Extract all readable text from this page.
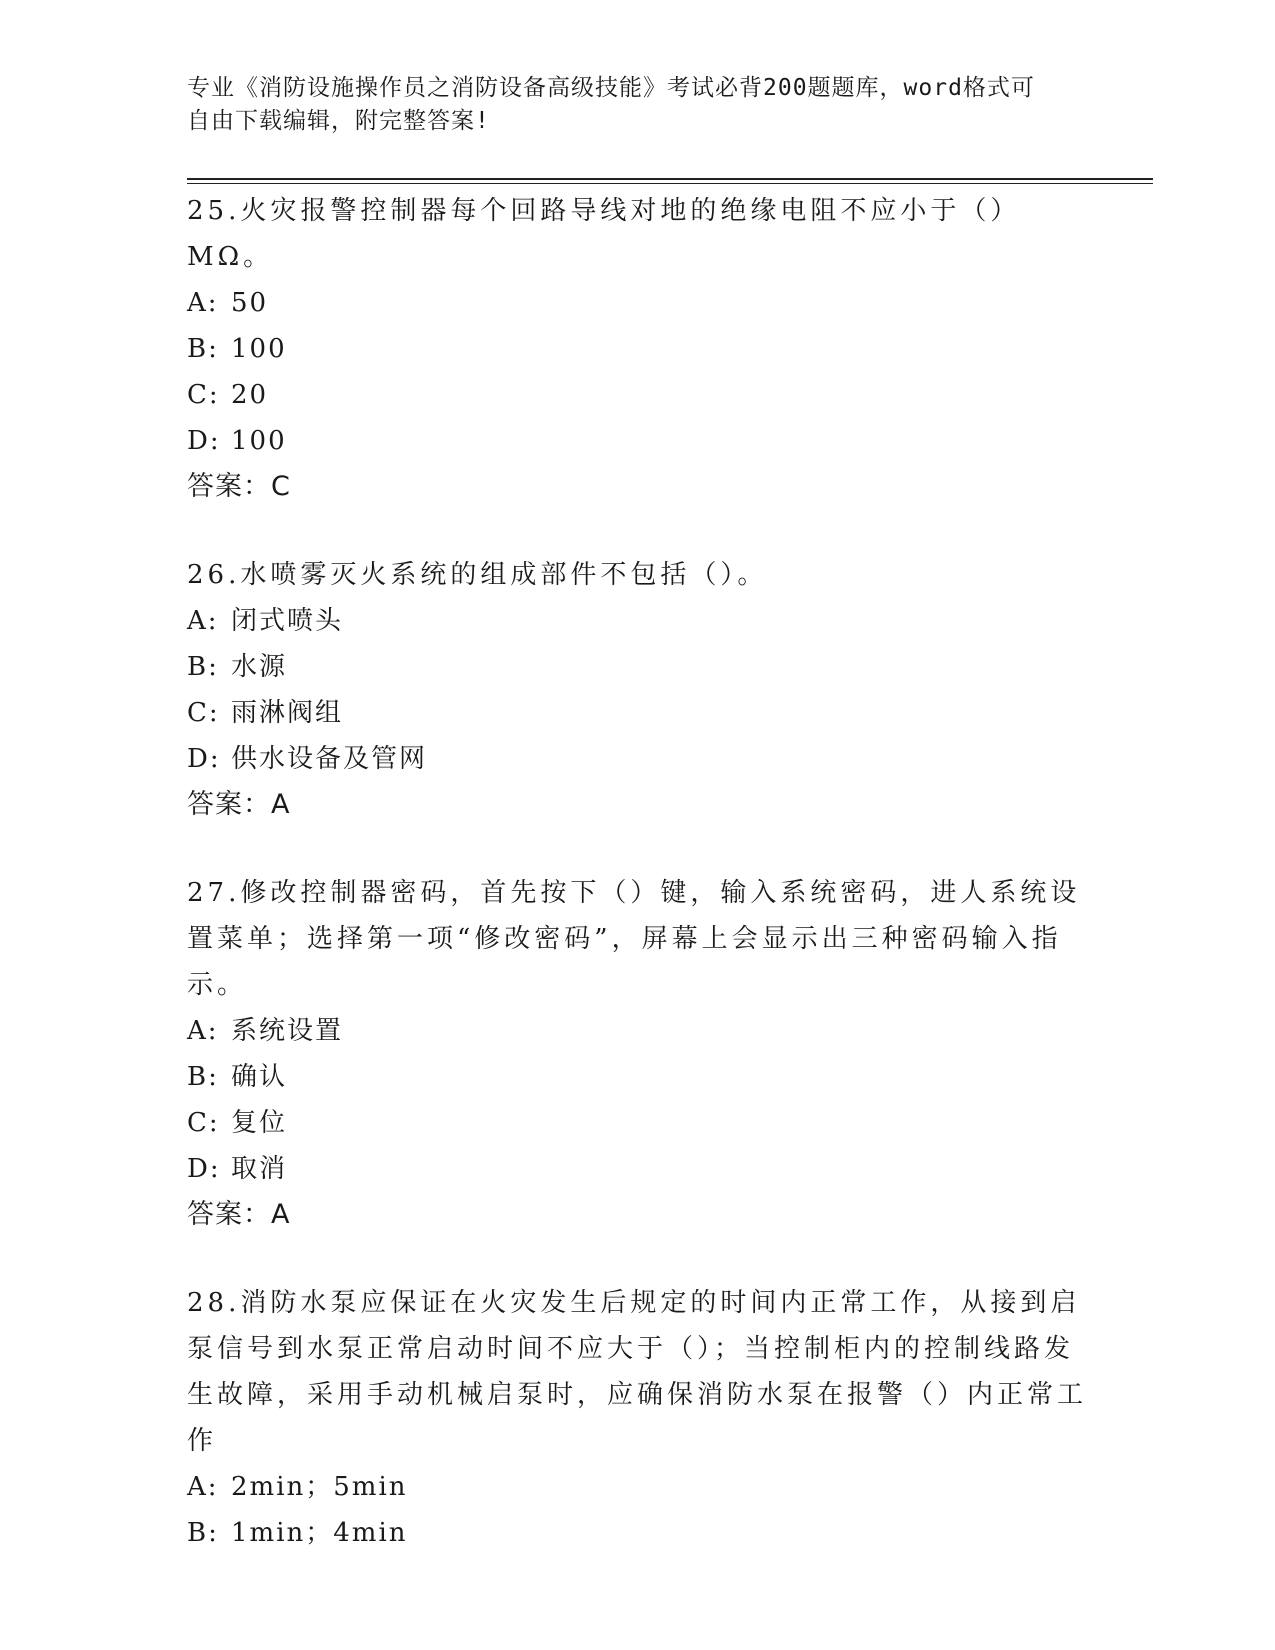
专业《消防设施操作员之消防设备高级技能》考试必背200题题库，word格式可
自由下载编辑，附完整答案!
25.火灾报警控制器每个回路导线对地的绝缘电阻不应小于（）MΩ。
A: 50
B: 100
C: 20
D: 100
答案：C
26.水喷雾灭火系统的组成部件不包括（）。
A: 闭式喷头
B: 水源
C: 雨淋阀组
D: 供水设备及管网
答案：A
27.修改控制器密码，首先按下（）键，输入系统密码，进人系统设置菜单；选择第一项“修改密码”，屏幕上会显示出三种密码输入指示。
A: 系统设置
B: 确认
C: 复位
D: 取消
答案：A
28.消防水泵应保证在火灾发生后规定的时间内正常工作，从接到启泵信号到水泵正常启动时间不应大于（）；当控制柜内的控制线路发生故障，采用手动机械启泵时，应确保消防水泵在报警（）内正常工作
A: 2min；5min
B: 1min；4min
